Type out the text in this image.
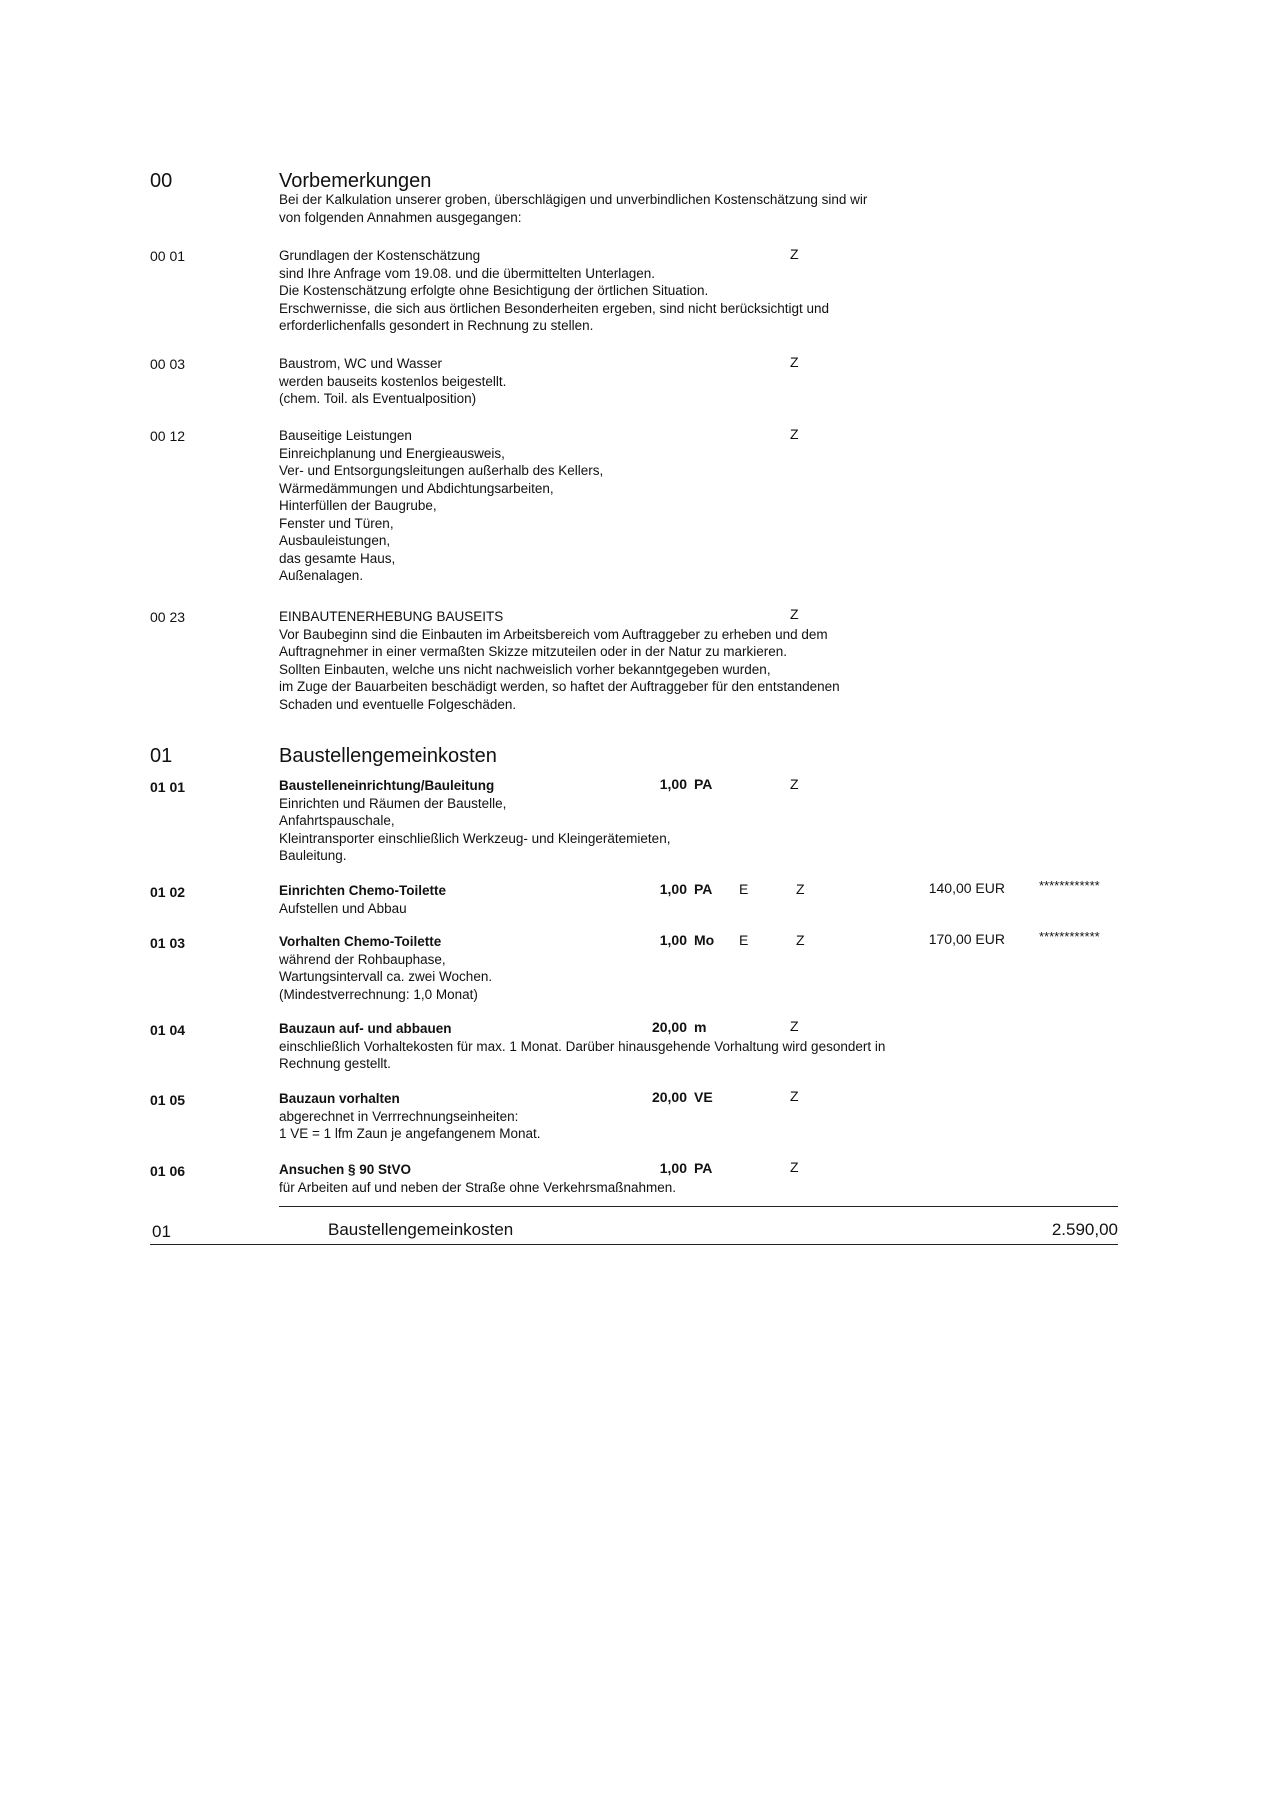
00	Vorbemerkungen
Bei der Kalkulation unserer groben, überschlägigen und unverbindlichen Kostenschätzung sind wir
von folgenden Annahmen ausgegangen:
00 01	Grundlagen der Kostenschätzung
sind Ihre Anfrage vom 19.08. und die übermittelten Unterlagen.
Die Kostenschätzung erfolgte ohne Besichtigung der örtlichen Situation.
Erschwernisse, die sich aus örtlichen Besonderheiten ergeben, sind nicht berücksichtigt und
erforderlichenfalls gesondert in Rechnung zu stellen.
Z
00 03	Baustrom, WC und Wasser
werden bauseits kostenlos beigestellt.
(chem. Toil. als Eventualposition)
Z
00 12	Bauseitige Leistungen
Einreichplanung und Energieausweis,
Ver- und Entsorgungsleitungen außerhalb des Kellers,
Wärmedämmungen und Abdichtungsarbeiten,
Hinterfüllen der Baugrube,
Fenster und Türen,
Ausbauleistungen,
das gesamte Haus,
Außenalagen.
Z
00 23	EINBAUTENERHEBUNG BAUSEITS
Vor Baubeginn sind die Einbauten im Arbeitsbereich vom Auftraggeber zu erheben und dem
Auftragnehmer in einer vermaßten Skizze mitzuteilen oder in der Natur zu markieren.
Sollten Einbauten, welche uns nicht nachweislich vorher bekanntgegeben wurden,
im Zuge der Bauarbeiten beschädigt werden, so haftet der Auftraggeber für den entstandenen
Schaden und eventuelle Folgeschäden.
Z
01	Baustellengemeinkosten
01 01	Baustelleneinrichtung/Bauleitung
Einrichten und Räumen der Baustelle,
Anfahrtspauschale,
Kleintransporter einschließlich Werkzeug- und Kleingerätemieten,
Bauleitung.
1,00 PA	Z
01 02	Einrichten Chemo-Toilette
Aufstellen und Abbau
1,00 PA E	Z	140,00 EUR	************
01 03	Vorhalten Chemo-Toilette
während der Rohbauphase,
Wartungsintervall ca. zwei Wochen.
(Mindestverrechnung: 1,0 Monat)
1,00 Mo E	Z	170,00 EUR	************
01 04	Bauzaun auf- und abbauen
einschließlich Vorhaltekosten für max. 1 Monat. Darüber hinausgehende Vorhaltung wird gesondert in
Rechnung gestellt.
20,00 m	Z
01 05	Bauzaun vorhalten
abgerechnet in Verrrechnungseinheiten:
1 VE = 1 lfm Zaun je angefangenem Monat.
20,00 VE	Z
01 06	Ansuchen § 90 StVO
für Arbeiten auf und neben der Straße ohne Verkehrsmaßnahmen.
1,00 PA	Z
01	Baustellengemeinkosten	2.590,00
